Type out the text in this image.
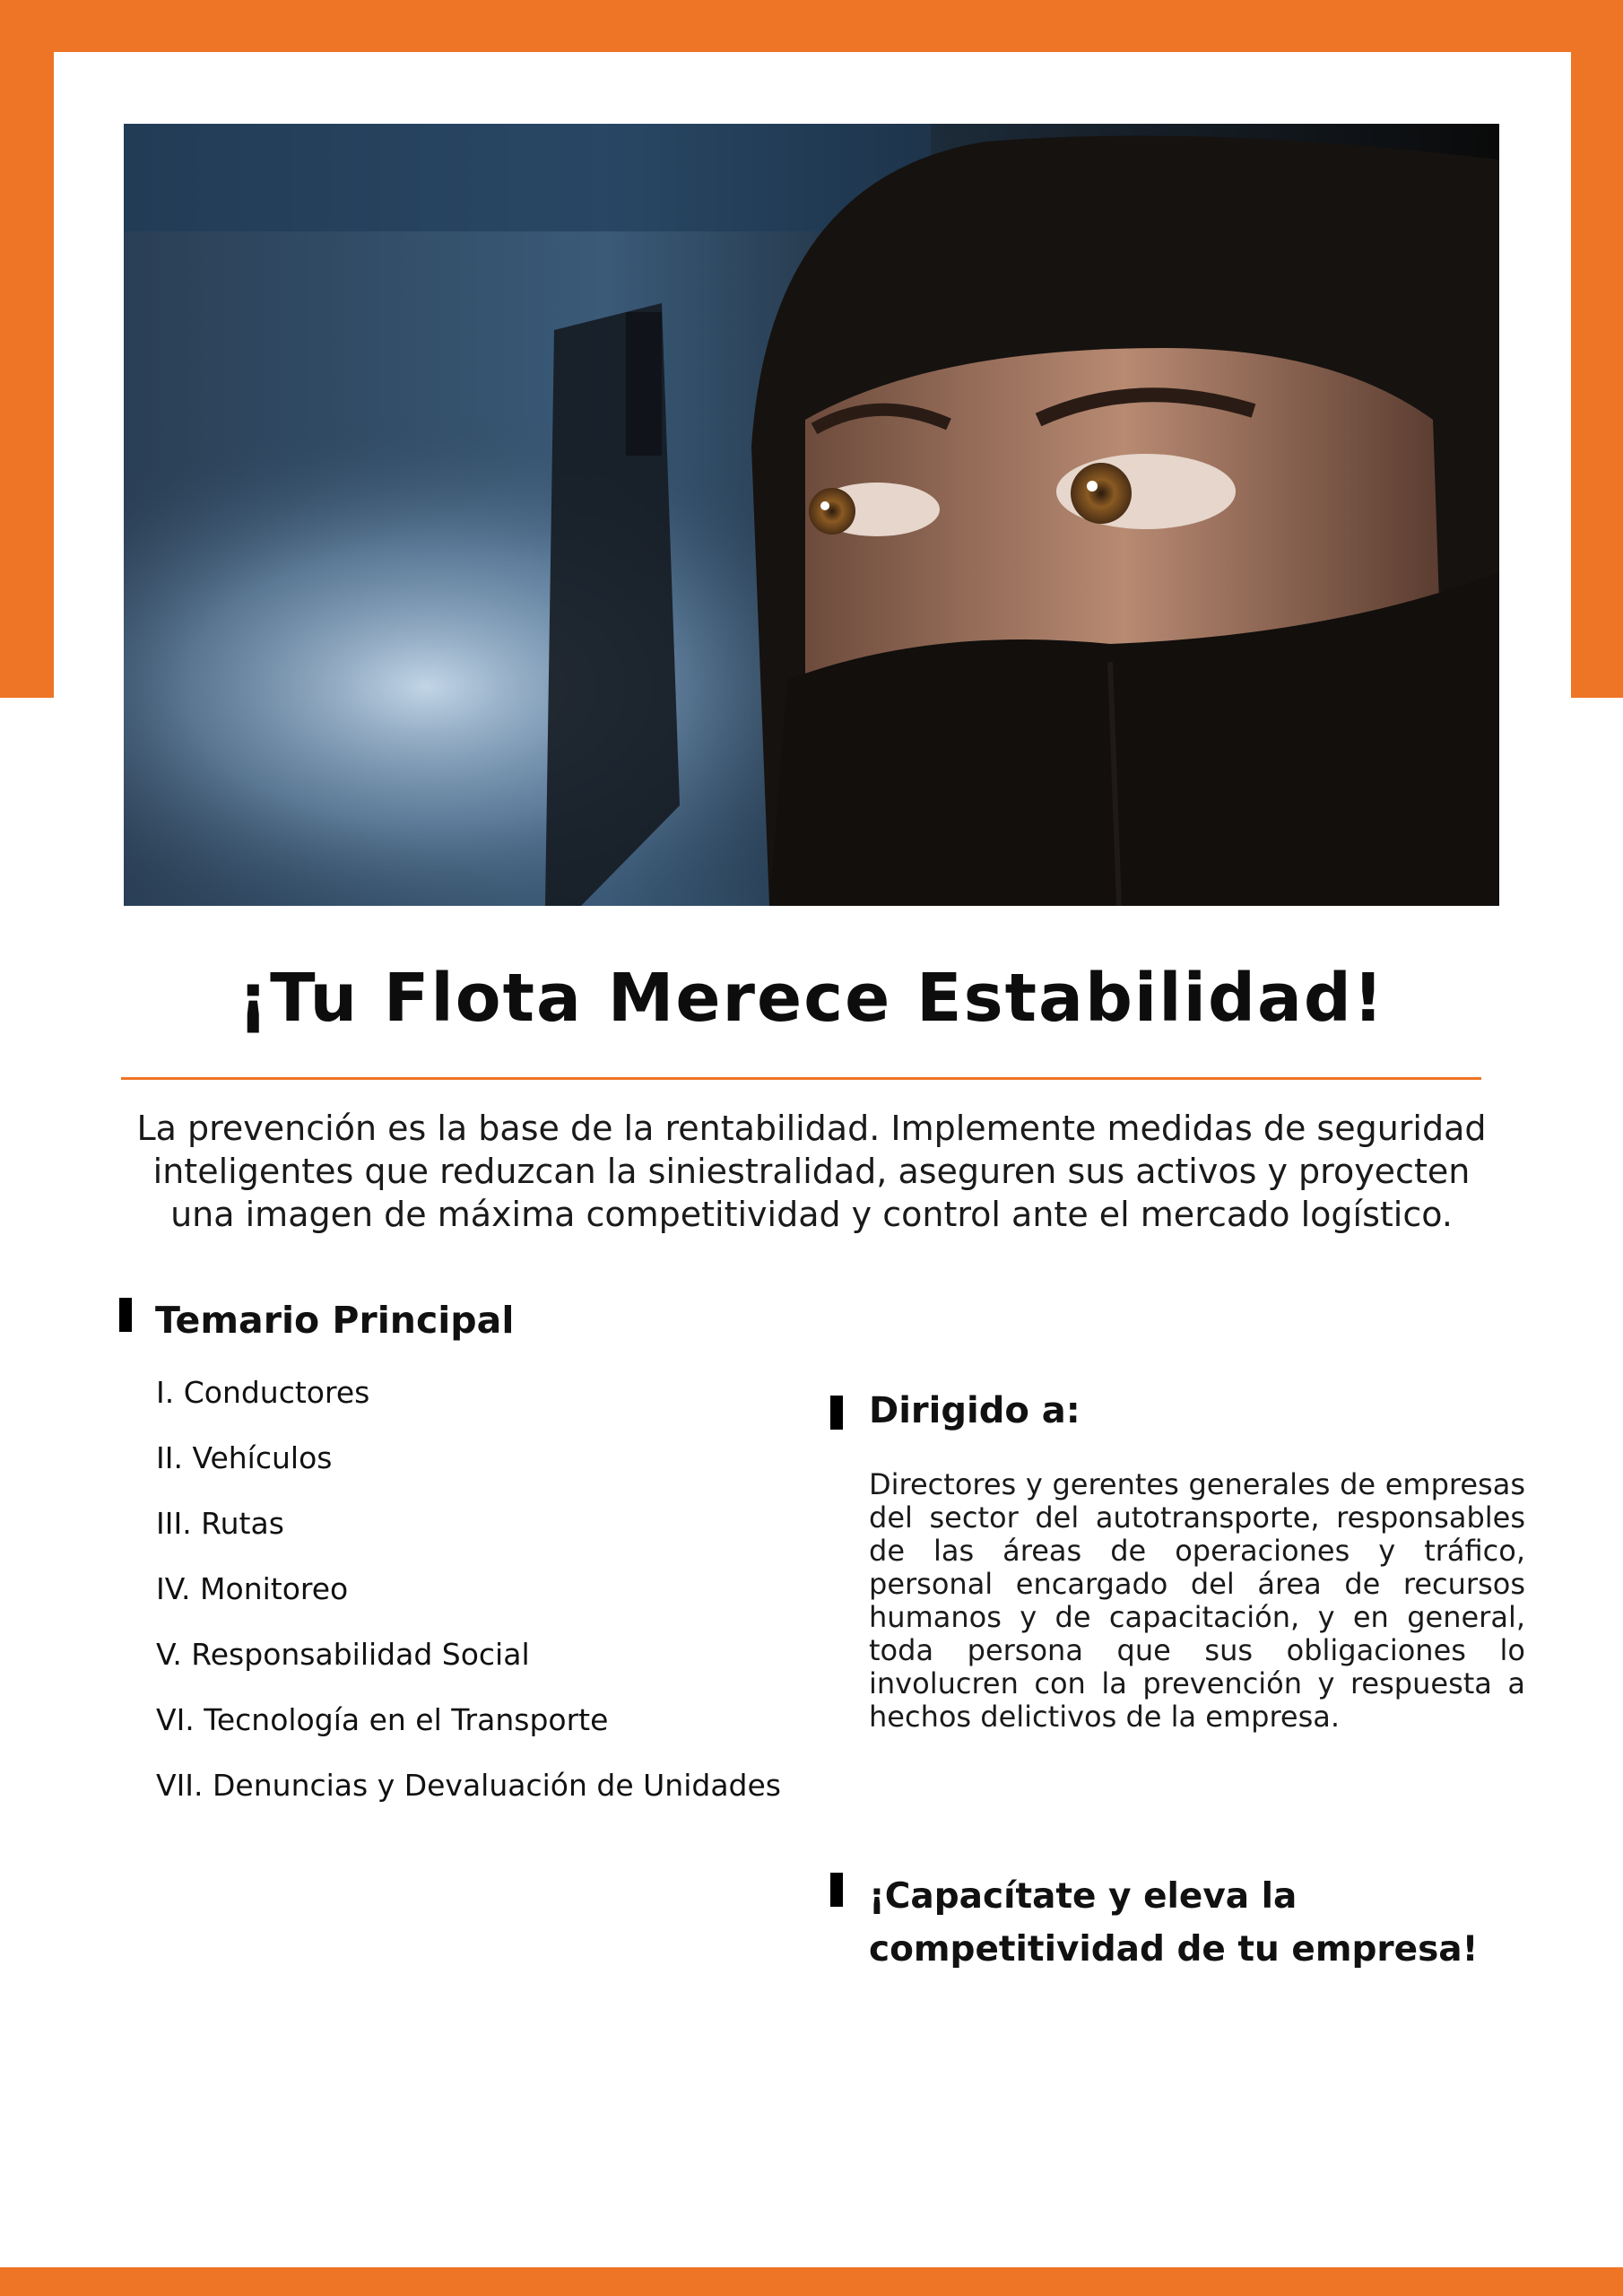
¡Tu Flota Merece Estabilidad!
La prevención es la base de la rentabilidad. Implemente medidas de seguridad inteligentes que reduzcan la siniestralidad, aseguren sus activos y proyecten una imagen de máxima competitividad y control ante el mercado logístico.
Temario Principal
I. Conductores
II. Vehículos
III. Rutas
IV. Monitoreo
V. Responsabilidad Social
VI. Tecnología en el Transporte
VII. Denuncias y Devaluación de Unidades
Dirigido a:
Directores y gerentes generales de empresas del sector del autotransporte, responsables de las áreas de operaciones y tráfico, personal encargado del área de recursos humanos y de capacitación, y en general, toda persona que sus obligaciones lo involucren con la prevención y respuesta a hechos delictivos de la empresa.
¡Capacítate y eleva la competitividad de tu empresa!
